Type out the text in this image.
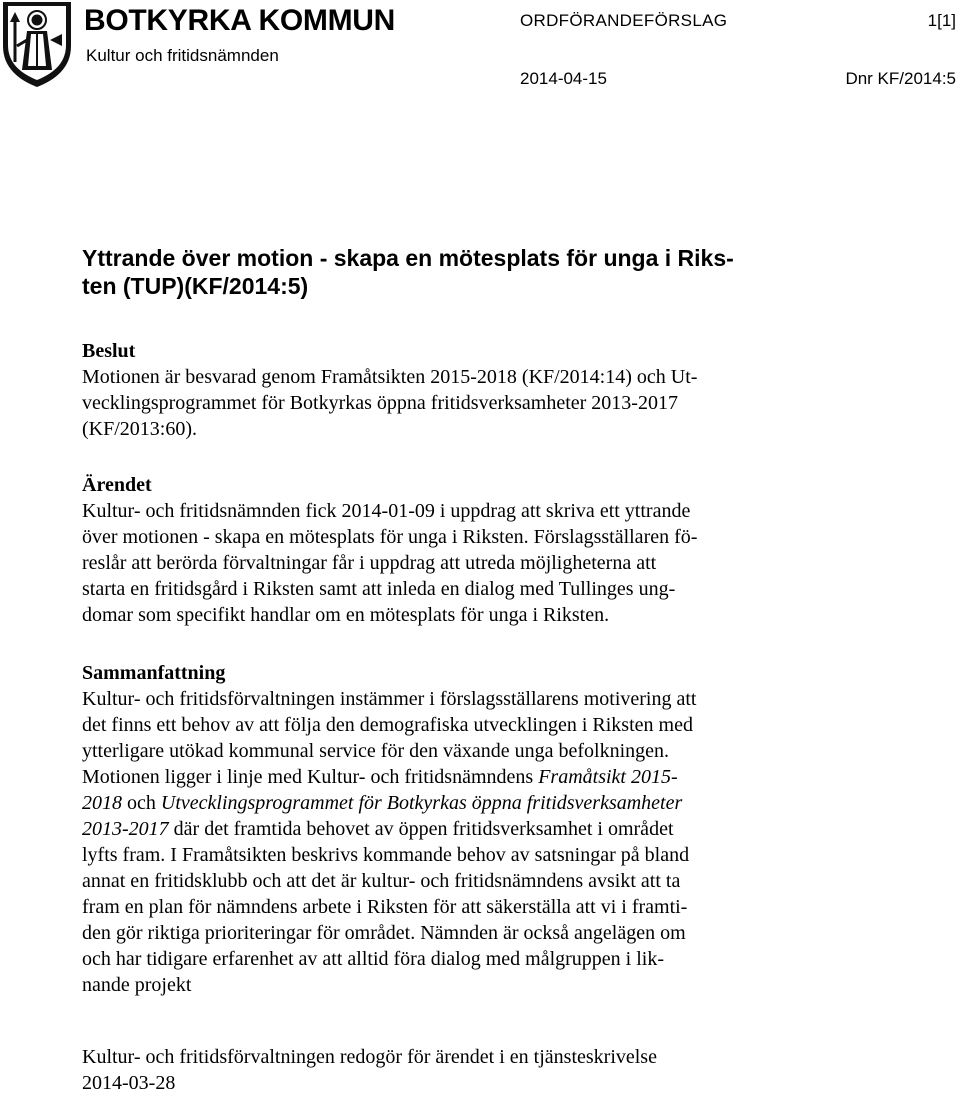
BOTKYRKA KOMMUN
Kultur och fritidsnämnden
ORDFÖRANDEFÖRSLAG	1[1]
2014-04-15	Dnr KF/2014:5
Yttrande över motion - skapa en mötesplats för unga i Riks-
ten (TUP)(KF/2014:5)
Beslut
Motionen är besvarad genom Framåtsikten 2015-2018 (KF/2014:14) och Ut-
vecklingsprogrammet för Botkyrkas öppna fritidsverksamheter 2013-2017
(KF/2013:60).
Ärendet
Kultur- och fritidsnämnden fick 2014-01-09 i uppdrag att skriva ett yttrande
över motionen - skapa en mötesplats för unga i Riksten. Förslagsställaren fö-
reslår att berörda förvaltningar får i uppdrag att utreda möjligheterna att
starta en fritidsgård i Riksten samt att inleda en dialog med Tullinges ung-
domar som specifikt handlar om en mötesplats för unga i Riksten.
Sammanfattning
Kultur- och fritidsförvaltningen instämmer i förslagsställarens motivering att
det finns ett behov av att följa den demografiska utvecklingen i Riksten med
ytterligare utökad kommunal service för den växande unga befolkningen.
Motionen ligger i linje med Kultur- och fritidsnämndens Framåtsikt 2015-
2018 och Utvecklingsprogrammet för Botkyrkas öppna fritidsverksamheter
2013-2017 där det framtida behovet av öppen fritidsverksamhet i området
lyfts fram. I Framåtsikten beskrivs kommande behov av satsningar på bland
annat en fritidsklubb och att det är kultur- och fritidsnämndens avsikt att ta
fram en plan för nämndens arbete i Riksten för att säkerställa att vi i framti-
den gör riktiga prioriteringar för området. Nämnden är också angelägen om
och har tidigare erfarenhet av att alltid föra dialog med målgruppen i lik-
nande projekt
Kultur- och fritidsförvaltningen redogör för ärendet i en tjänsteskrivelse
2014-03-28
